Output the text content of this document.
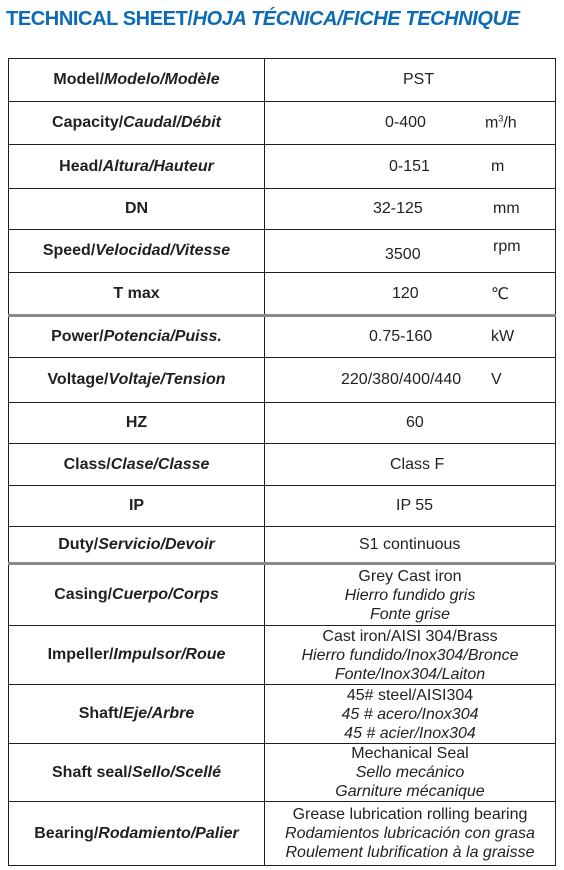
TECHNICAL SHEET/HOJA TÉCNICA/FICHE TECHNIQUE
Model/Modelo/Modèle	PST

Capacity/Caudal/Débit	0-400 $m^3/h$

Head/Altura/Hauteur	0-151 m

DN	32-125 mm

Speed/Velocidad/Vitesse	3500 rpm

T max	120 ℃

Power/Potencia/Puiss.	0.75-160 kW

Voltage/Voltaje/Tension	220/380/400/440 V

HZ	60

Class/Clase/Classe	Class F

IP	IP 55

Duty/Servicio/Devoir	S1 continuous

Casing/Cuerpo/Corps	Grey Cast iron
Hierro fundido gris
Fonte grise

Impeller/Impulsor/Roue	Cast iron/AISI 304/Brass
Hierro fundido/Inox304/Bronce
Fonte/Inox304/Laiton

Shaft/Eje/Arbre	45# steel/AISI304
45 # acero/Inox304
45 # acier/Inox304

Shaft seal/Sello/Scellé	Mechanical Seal
Sello mecánico
Garniture mécanique

Bearing/Rodamiento/Palier	Grease lubrication rolling bearing
Rodamientos lubricación con grasa
Roulement lubrification à la graisse
